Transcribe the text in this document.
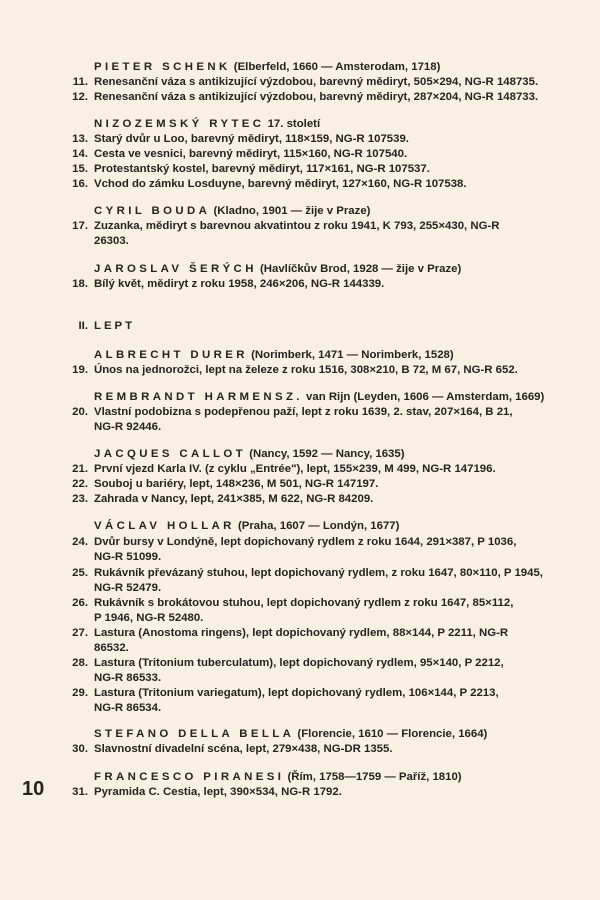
PIETER SCHENK (Elberfeld, 1660 — Amsterodam, 1718)
11. Renesanční váza s antikizující výzdobou, barevný mědiryt, 505×294, NG-R 148735.
12. Renesanční váza s antikizující výzdobou, barevný mědiryt, 287×204, NG-R 148733.
NIZOZEMSKÝ RYTEC 17. století
13. Starý dvůr u Loo, barevný mědiryt, 118×159, NG-R 107539.
14. Cesta ve vesnici, barevný mědiryt, 115×160, NG-R 107540.
15. Protestantský kostel, barevný mědiryt, 117×161, NG-R 107537.
16. Vchod do zámku Losduyne, barevný mědiryt, 127×160, NG-R 107538.
CYRIL BOUDA (Kladno, 1901 — žije v Praze)
17. Zuzanka, mědiryt s barevnou akvatintou z roku 1941, K 793, 255×430, NG-R
26303.
JAROSLAV ŠERÝCH (Havlíčkův Brod, 1928 — žije v Praze)
18. Bílý květ, mědiryt z roku 1958, 246×206, NG-R 144339.
II. LEPT
ALBRECHT DURER (Norimberk, 1471 — Norimberk, 1528)
19. Únos na jednorožci, lept na železe z roku 1516, 308×210, B 72, M 67, NG-R 652.
REMBRANDT HARMENSZ. van Rijn (Leyden, 1606 — Amsterdam, 1669)
20. Vlastní podobizna s podepřenou paží, lept z roku 1639, 2. stav, 207×164, B 21,
NG-R 92446.
JACQUES CALLOT (Nancy, 1592 — Nancy, 1635)
21. První vjezd Karla IV. (z cyklu „Entrée"), lept, 155×239, M 499, NG-R 147196.
22. Souboj u bariéry, lept, 148×236, M 501, NG-R 147197.
23. Zahrada v Nancy, lept, 241×385, M 622, NG-R 84209.
VÁCLAV HOLLAR (Praha, 1607 — Londýn, 1677)
24. Dvůr bursy v Londýně, lept dopichovaný rydlem z roku 1644, 291×387, P 1036,
NG-R 51099.
25. Rukávník převázaný stuhou, lept dopichovaný rydlem, z roku 1647, 80×110, P 1945,
NG-R 52479.
26. Rukávník s brokátovou stuhou, lept dopichovaný rydlem z roku 1647, 85×112,
P 1946, NG-R 52480.
27. Lastura (Anostoma ringens), lept dopichovaný rydlem, 88×144, P 2211, NG-R
86532.
28. Lastura (Tritonium tuberculatum), lept dopichovaný rydlem, 95×140, P 2212,
NG-R 86533.
29. Lastura (Tritonium variegatum), lept dopichovaný rydlem, 106×144, P 2213,
NG-R 86534.
STEFANO DELLA BELLA (Florencie, 1610 — Florencie, 1664)
30. Slavnostní divadelní scéna, lept, 279×438, NG-DR 1355.
FRANCESCO PIRANESI (Řím, 1758—1759 — Paříž, 1810)
31. Pyramida C. Cestia, lept, 390×534, NG-R 1792.
10
